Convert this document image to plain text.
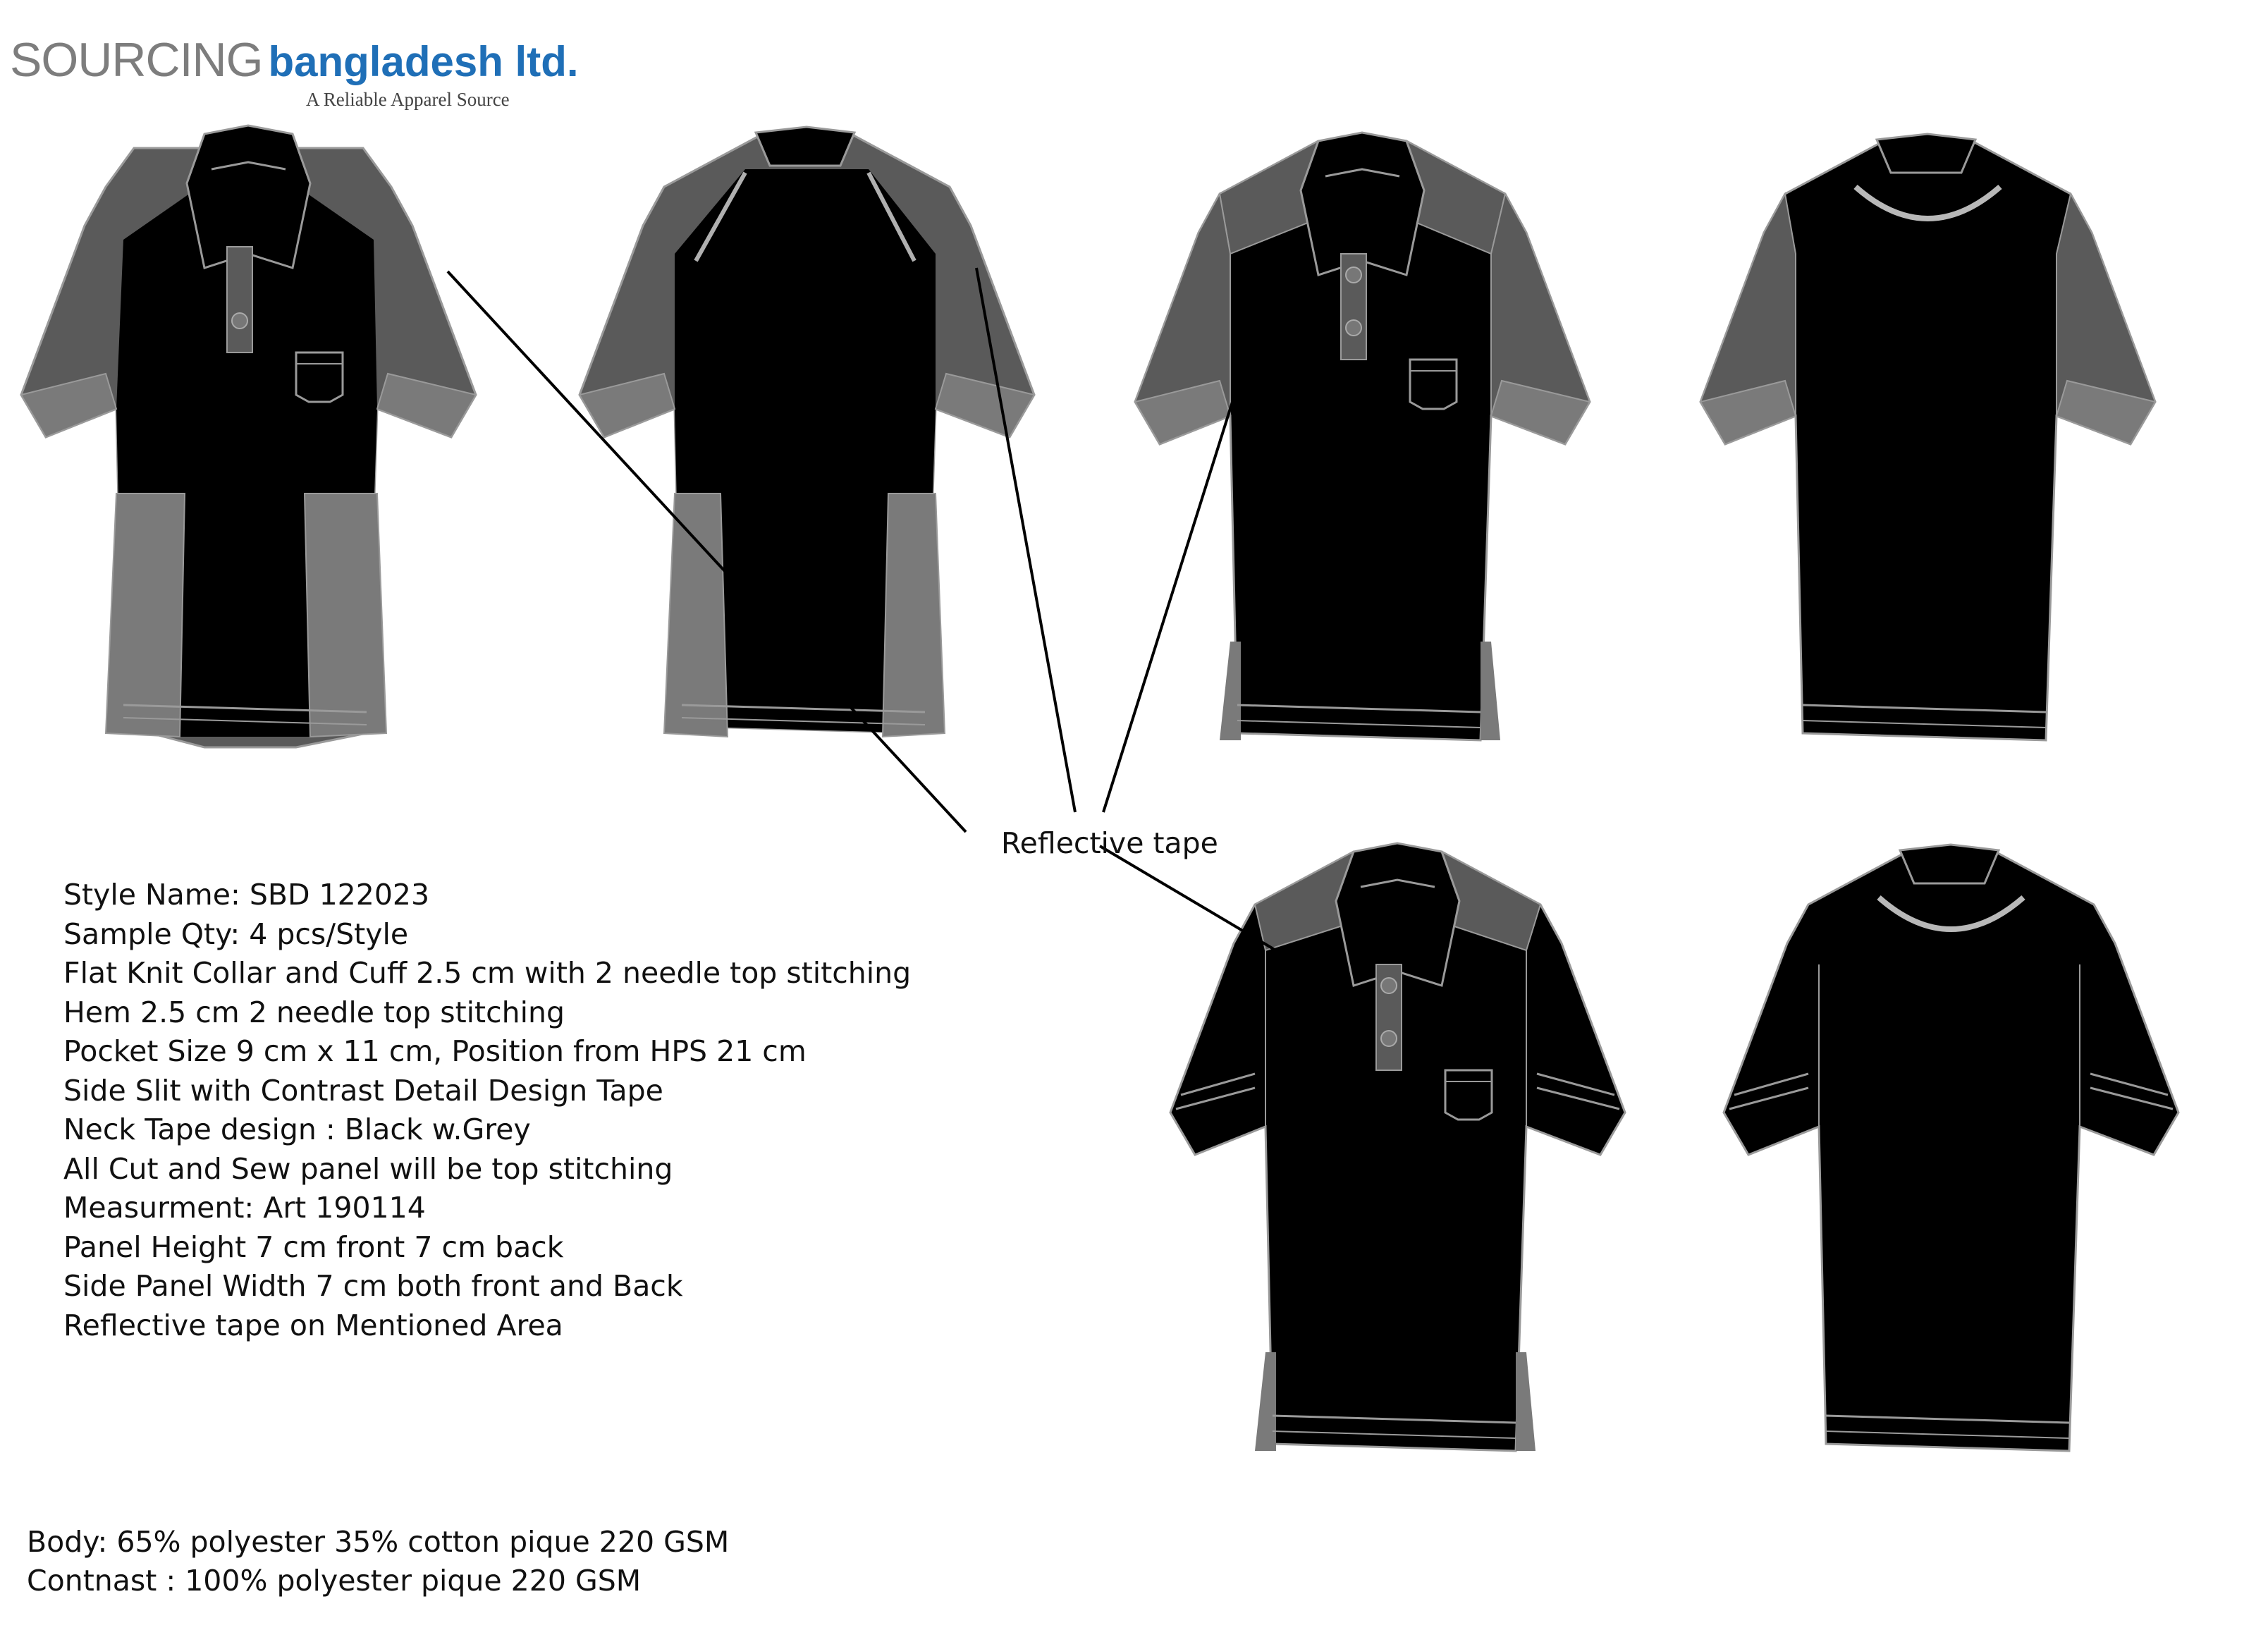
SOURCING bangladesh ltd.
A Reliable Apparel Source
Reflective tape
Style Name: SBD 122023
Sample Qty: 4 pcs/Style
Flat Knit Collar and Cuff 2.5 cm with 2 needle top stitching
Hem 2.5 cm 2 needle top stitching
Pocket Size 9 cm x 11 cm, Position from HPS 21 cm
Side Slit with Contrast Detail Design Tape
Neck Tape design : Black w.Grey
All Cut and Sew panel will be top stitching
Measurment: Art 190114
Panel Height 7 cm front 7 cm back
Side Panel Width 7 cm both front and Back
Reflective tape on Mentioned Area
Body: 65% polyester 35% cotton pique 220 GSM
Contnast : 100% polyester pique 220 GSM
